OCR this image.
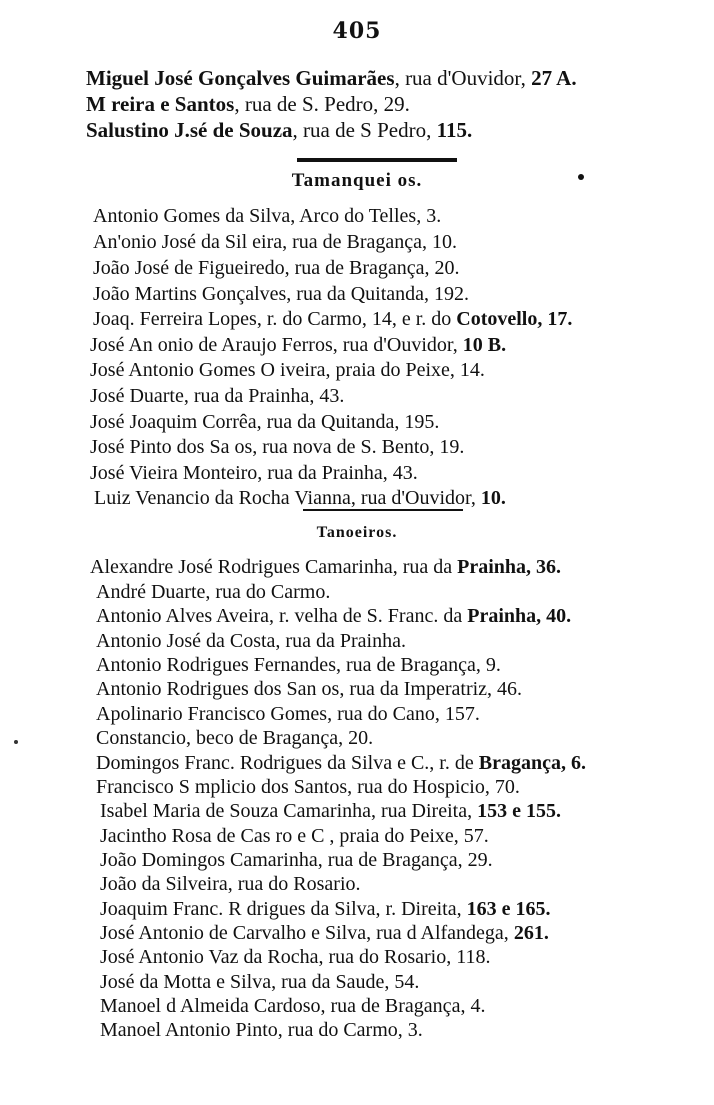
405
Miguel José Gonçalves Guimarães, rua d'Ouvidor, 27 A.
M reira e Santos, rua de S. Pedro, 29.
Salustino J.sé de Souza, rua de S Pedro, 115.
Tamanquei os.
Antonio Gomes da Silva, Arco do Telles, 3.
An'onio José da Sil eira, rua de Bragança, 10.
João José de Figueiredo, rua de Bragança, 20.
João Martins Gonçalves, rua da Quitanda, 192.
Joaq. Ferreira Lopes, r. do Carmo, 14, e r. do Cotovello, 17.
José An onio de Araujo Ferros, rua d'Ouvidor, 10 B.
José Antonio Gomes O iveira, praia do Peixe, 14.
José Duarte, rua da Prainha, 43.
José Joaquim Corrêa, rua da Quitanda, 195.
José Pinto dos Sa os, rua nova de S. Bento, 19.
José Vieira Monteiro, rua da Prainha, 43.
Luiz Venancio da Rocha Vianna, rua d'Ouvidor, 10.
Tanoeiros.
Alexandre José Rodrigues Camarinha, rua da Prainha, 36.
André Duarte, rua do Carmo.
Antonio Alves Aveira, r. velha de S. Franc. da Prainha, 40.
Antonio José da Costa, rua da Prainha.
Antonio Rodrigues Fernandes, rua de Bragança, 9.
Antonio Rodrigues dos San os, rua da Imperatriz, 46.
Apolinario Francisco Gomes, rua do Cano, 157.
Constancio, beco de Bragança, 20.
Domingos Franc. Rodrigues da Silva e C., r. de Bragança, 6.
Francisco S mplicio dos Santos, rua do Hospicio, 70.
Isabel Maria de Souza Camarinha, rua Direita, 153 e 155.
Jacintho Rosa de Cas ro e C , praia do Peixe, 57.
João Domingos Camarinha, rua de Bragança, 29.
João da Silveira, rua do Rosario.
Joaquim Franc. R drigues da Silva, r. Direita, 163 e 165.
José Antonio de Carvalho e Silva, rua d Alfandega, 261.
José Antonio Vaz da Rocha, rua do Rosario, 118.
José da Motta e Silva, rua da Saude, 54.
Manoel d Almeida Cardoso, rua de Bragança, 4.
Manoel Antonio Pinto, rua do Carmo, 3.
